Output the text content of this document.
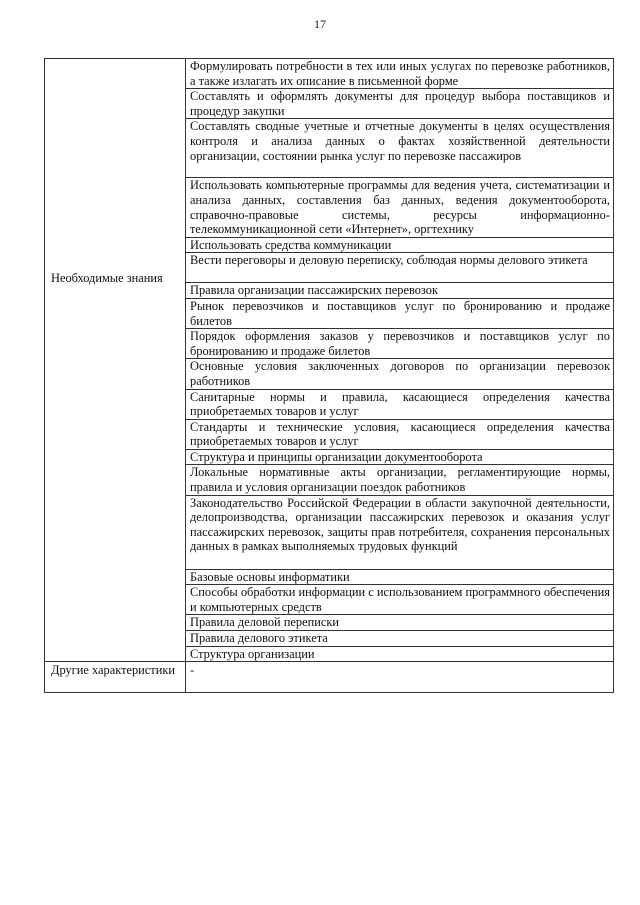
17
	Формулировать потребности в тех или иных услугах по перевозке работников, а также излагать их описание в письменной форме
	Составлять и оформлять документы для процедур выбора поставщиков и процедур закупки
	Составлять сводные учетные и отчетные документы в целях осуществления контроля и анализа данных о фактах хозяйственной деятельности организации, состоянии рынка услуг по перевозке пассажиров
	Использовать компьютерные программы для ведения учета, систематизации и анализа данных, составления баз данных, ведения документооборота, справочно-правовые системы, ресурсы информационно-телекоммуникационной сети «Интернет», оргтехнику
	Использовать средства коммуникации
	Вести переговоры и деловую переписку, соблюдая нормы делового этикета

Необходимые знания	Правила организации пассажирских перевозок
	Рынок перевозчиков и поставщиков услуг по бронированию и продаже билетов
	Порядок оформления заказов у перевозчиков и поставщиков услуг по бронированию и продаже билетов
	Основные условия заключенных договоров по организации перевозок работников
	Санитарные нормы и правила, касающиеся определения качества приобретаемых товаров и услуг
	Стандарты и технические условия, касающиеся определения качества приобретаемых товаров и услуг
	Структура и принципы организации документооборота
	Локальные нормативные акты организации, регламентирующие нормы, правила и условия организации поездок работников
	Законодательство Российской Федерации в области закупочной деятельности, делопроизводства, организации пассажирских перевозок и оказания услуг пассажирских перевозок, защиты прав потребителя, сохранения персональных данных в рамках выполняемых трудовых функций
	Базовые основы информатики
	Способы обработки информации с использованием программного обеспечения и компьютерных средств
	Правила деловой переписки
	Правила делового этикета
	Структура организации
Другие характеристики	-
